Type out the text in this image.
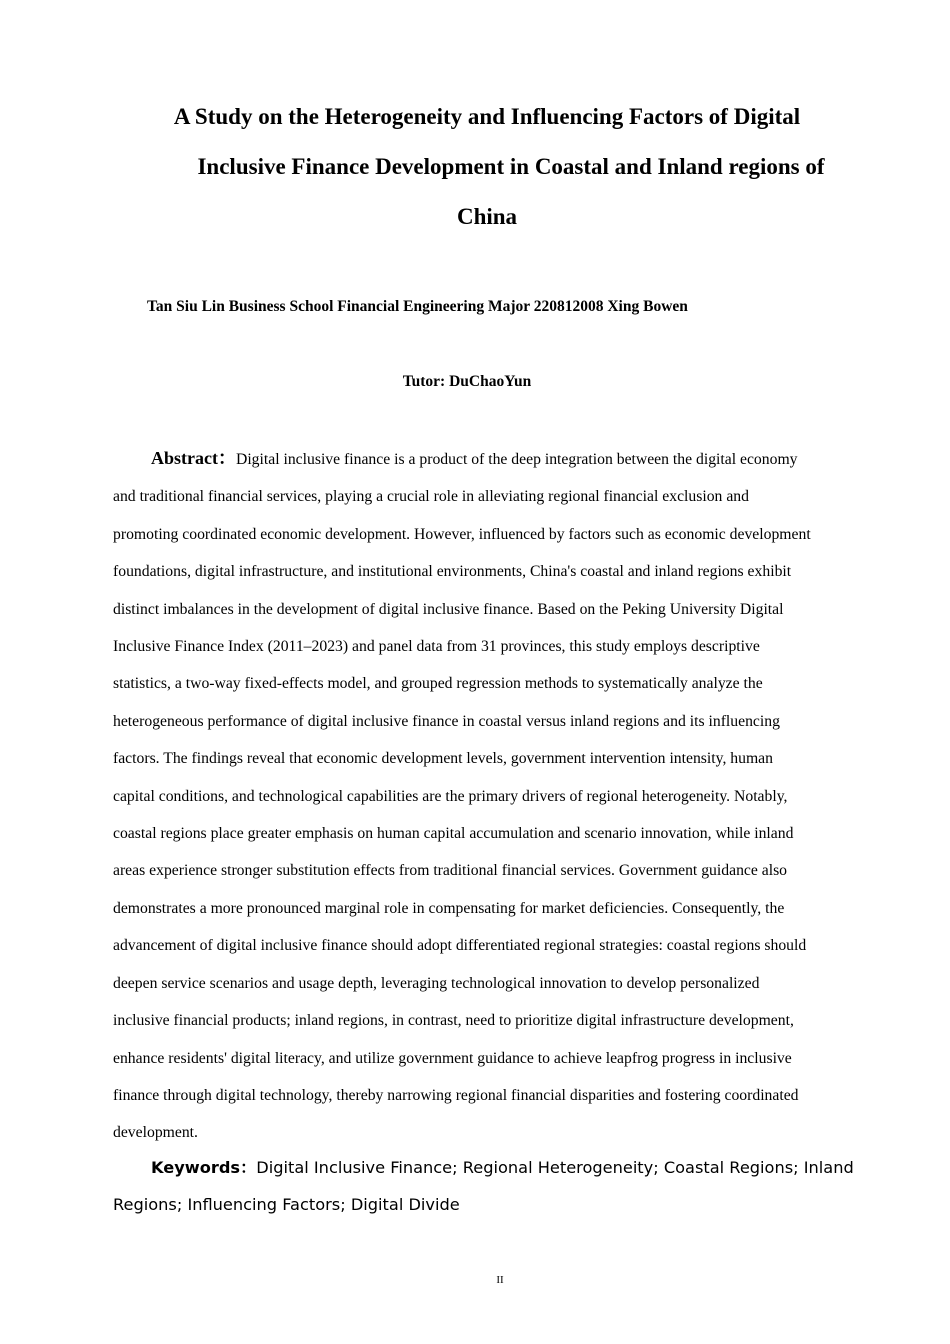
A Study on the Heterogeneity and Influencing Factors of Digital
Inclusive Finance Development in Coastal and Inland regions of
China
Tan Siu Lin Business School Financial Engineering Major 220812008 Xing Bowen
Tutor: DuChaoYun
Abstract：Digital inclusive finance is a product of the deep integration between the digital economy
and traditional financial services, playing a crucial role in alleviating regional financial exclusion and
promoting coordinated economic development. However, influenced by factors such as economic development
foundations, digital infrastructure, and institutional environments, China's coastal and inland regions exhibit
distinct imbalances in the development of digital inclusive finance. Based on the Peking University Digital
Inclusive Finance Index (2011–2023) and panel data from 31 provinces, this study employs descriptive
statistics, a two-way fixed-effects model, and grouped regression methods to systematically analyze the
heterogeneous performance of digital inclusive finance in coastal versus inland regions and its influencing
factors. The findings reveal that economic development levels, government intervention intensity, human
capital conditions, and technological capabilities are the primary drivers of regional heterogeneity. Notably,
coastal regions place greater emphasis on human capital accumulation and scenario innovation, while inland
areas experience stronger substitution effects from traditional financial services. Government guidance also
demonstrates a more pronounced marginal role in compensating for market deficiencies. Consequently, the
advancement of digital inclusive finance should adopt differentiated regional strategies: coastal regions should
deepen service scenarios and usage depth, leveraging technological innovation to develop personalized
inclusive financial products; inland regions, in contrast, need to prioritize digital infrastructure development,
enhance residents' digital literacy, and utilize government guidance to achieve leapfrog progress in inclusive
finance through digital technology, thereby narrowing regional financial disparities and fostering coordinated
development.
Keywords：Digital Inclusive Finance; Regional Heterogeneity; Coastal Regions; Inland
Regions; Influencing Factors; Digital Divide
II
